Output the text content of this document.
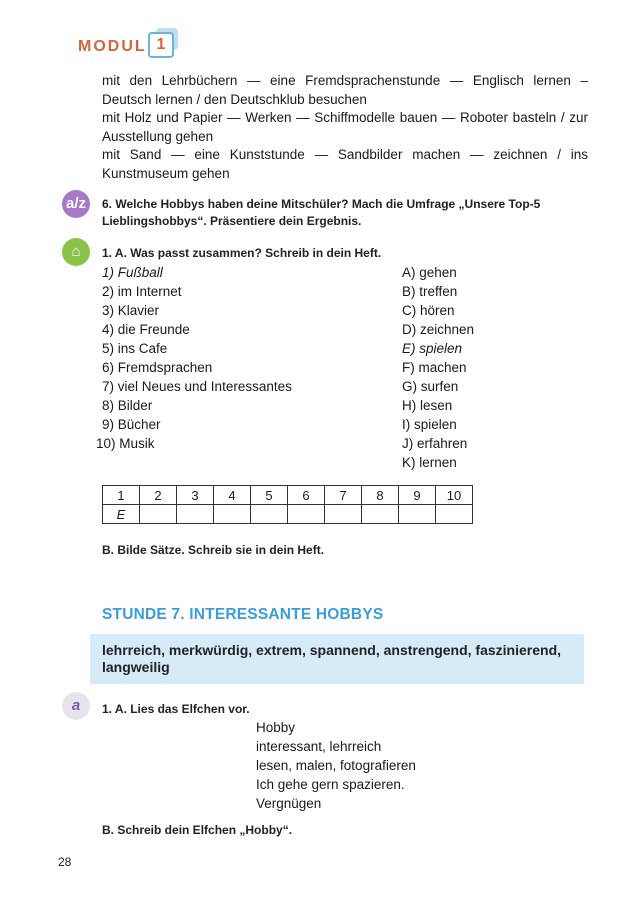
MODUL 1

mit den Lehrbüchern — eine Fremdsprachenstunde — Englisch lernen – Deutsch lernen / den Deutschklub besuchen

mit Holz und Papier — Werken — Schiffmodelle bauen — Roboter basteln / zur Ausstellung gehen

mit Sand — eine Kunststunde — Sandbilder machen — zeichnen / ins Kunstmuseum gehen

a/z	6. Welche Hobbys haben deine Mitschüler? Mach die Umfrage „Unsere Top-5 Lieblingshobbys“. Präsentiere dein Ergebnis.
⌂	1. A. Was passt zusammen? Schreib in dein Heft.
1) Fußball
2) im Internet
3) Klavier
4) die Freunde
5) ins Cafe
6) Fremdsprachen
7) viel Neues und Interessantes
8) Bilder
9) Bücher
10) Musik
A) gehen
B) treffen
C) hören
D) zeichnen
E) spielen
F) machen
G) surfen
H) lesen
I) spielen
J) erfahren
K) lernen
1	2	3	4	5	6	7	8	9	10
E									
B. Bilde Sätze. Schreib sie in dein Heft.
STUNDE 7. INTERESSANTE HOBBYS
lehrreich, merkwürdig, extrem, spannend, anstrengend, faszinierend, langweilig
a	1. A. Lies das Elfchen vor.
Hobby
interessant, lehrreich
lesen, malen, fotografieren
Ich gehe gern spazieren.
Vergnügen
B. Schreib dein Elfchen „Hobby“.
28
